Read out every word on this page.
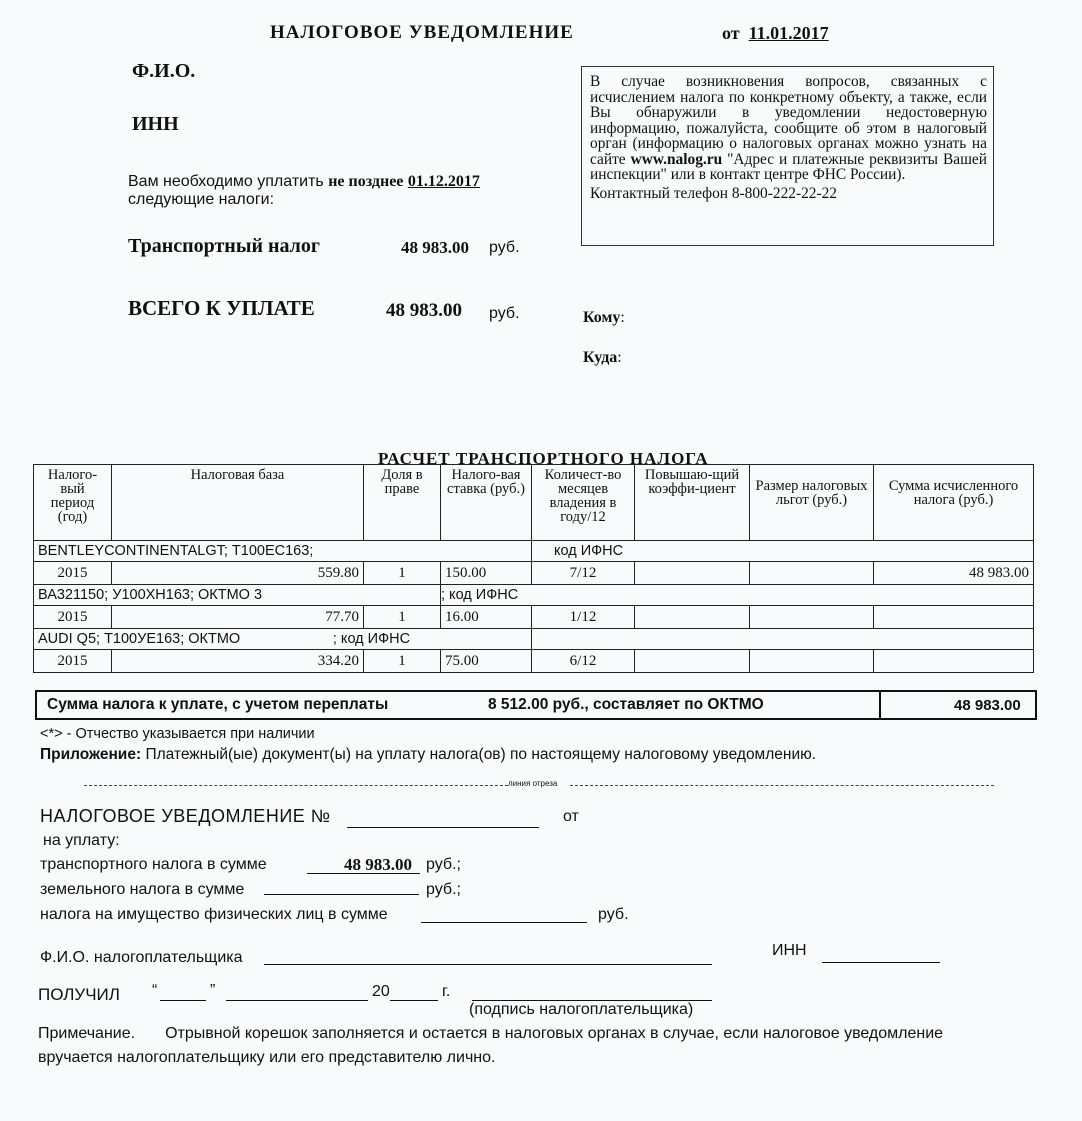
НАЛОГОВОЕ УВЕДОМЛЕНИЕ	от 11.01.2017
Ф.И.О.
ИНН
Вам необходимо уплатить не позднее 01.12.2017
следующие налоги:
Транспортный налог	48 983.00 руб.
ВСЕГО К УПЛАТЕ	48 983.00 руб.
В случае возникновения вопросов, связанных с исчислением налога по конкретному объекту, а также, если Вы обнаружили в уведомлении недостоверную информацию, пожалуйста, сообщите об этом в налоговый орган (информацию о налоговых органах можно узнать на сайте www.nalog.ru "Адрес и платежные реквизиты Вашей инспекции" или в контакт центре ФНС России).
Контактный телефон 8-800-222-22-22
Кому:
Куда:
РАСЧЕТ ТРАНСПОРТНОГО НАЛОГА
Налого-вый период (год)	Налоговая база	Доля в праве	Налого-вая ставка (руб.)	Количест-во месяцев владения в году/12	Повышаю-щий коэффи-циент	Размер налоговых льгот (руб.)	Сумма исчисленного налога (руб.)
BENTLEYCONTINENTALGT; Т100ЕС163;				код ИФНС			
2015	559.80	1	150.00	7/12			48 983.00
ВА321150; У100ХН163; ОКТМО 3			; код ИФНС				
2015	77.70	1	16.00	1/12			
AUDI Q5; Т100УЕ163; ОКТМО ; код ИФНС							
2015	334.20	1	75.00	6/12			
Сумма налога к уплате, с учетом переплаты	8 512.00 руб., составляет по ОКТМО	48 983.00
<*> - Отчество указывается при наличии
Приложение: Платежный(ые) документ(ы) на уплату налога(ов) по настоящему налоговому уведомлению.
линия отреза
НАЛОГОВОЕ УВЕДОМЛЕНИЕ №	от
на уплату:
транспортного налога в сумме	48 983.00 руб.;
земельного налога в сумме	руб.;
налога на имущество физических лиц в сумме	руб.
Ф.И.О. налогоплательщика	ИНН
ПОЛУЧИЛ “	”	20	г.
(подпись налогоплательщика)
Примечание. Отрывной корешок заполняется и остается в налоговых органах в случае, если налоговое уведомление вручается налогоплательщику или его представителю лично.
